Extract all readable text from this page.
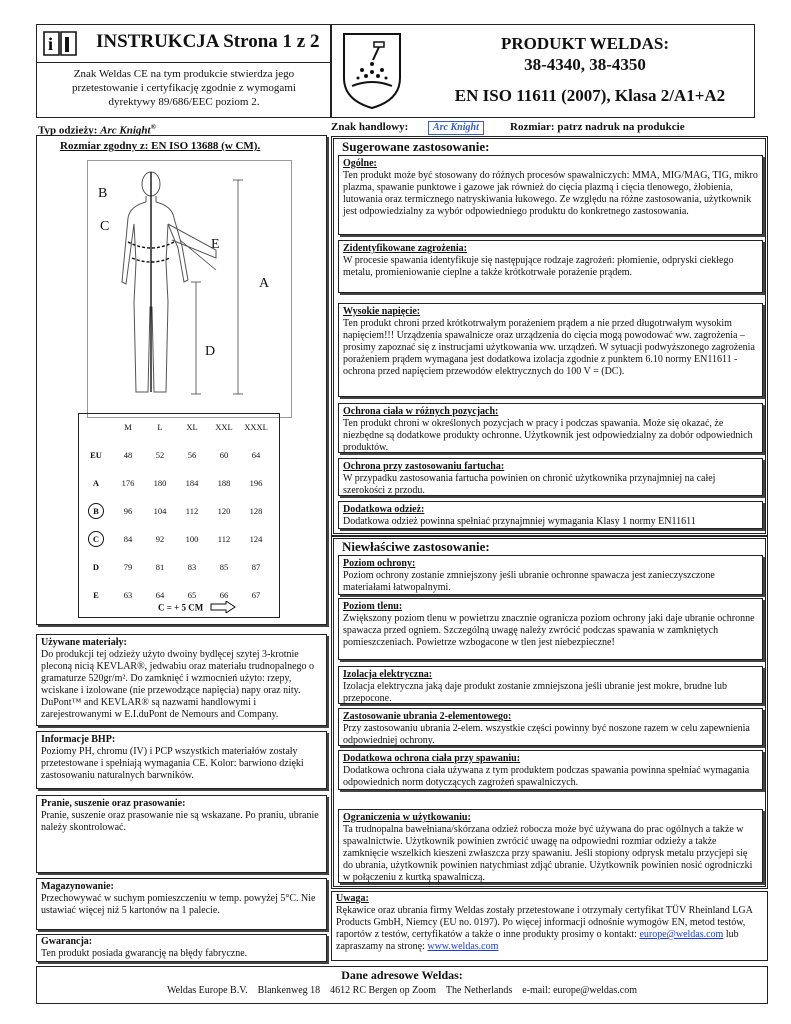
i INSTRUKCJA Strona 1 z 2
Znak Weldas CE na tym produkcie stwierdza jego przetestowanie i certyfikację zgodnie z wymogami dyrektywy 89/686/EEC poziom 2.
PRODUKT WELDAS:
38-4340, 38-4350
EN ISO 11611 (2007), Klasa 2/A1+A2
Typ odzieży: Arc Knight®	Znak handlowy:	Arc Knight	Rozmiar: patrz nadruk na produkcie
Rozmiar zgodny z: EN ISO 13688 (w CM).
B
C
E
A
D
	M	L	XL	XXL	XXXL
EU	48	52	56	60	64
A	176	180	184	188	196
B	96	104	112	120	128
C	84	92	100	112	124
D	79	81	83	85	87
E	63	64	65	66	67
C = + 5 CM
Używane materiały:
Do produkcji tej odzieży użyto dwoiny bydlęcej szytej 3-krotnie pleconą nicią KEVLAR®, jedwabiu oraz materiału trudnopalnego o gramaturze 520gr/m². Do zamknięć i wzmocnień użyto: rzepy, wciskane i izolowane (nie przewodzące napięcia) napy oraz nity. DuPont™ and KEVLAR® są nazwami handlowymi i zarejestrowanymi w E.I.duPont de Nemours and Company.
Informacje BHP:
Poziomy PH, chromu (IV) i PCP wszystkich materiałów zostały przetestowane i spełniają wymagania CE. Kolor: barwiono dzięki zastosowaniu naturalnych barwników.
Pranie, suszenie oraz prasowanie:
Pranie, suszenie oraz prasowanie nie są wskazane. Po praniu, ubranie należy skontrolować.
Magazynowanie:
Przechowywać w suchym pomieszczeniu w temp. powyżej 5°C. Nie ustawiać więcej niż 5 kartonów na 1 palecie.
Gwarancja:
Ten produkt posiada gwarancję na błędy fabryczne.
Sugerowane zastosowanie:
Ogólne:
Ten produkt może być stosowany do różnych procesów spawalniczych: MMA, MIG/MAG, TIG, mikro plazma, spawanie punktowe i gazowe jak również do cięcia plazmą i cięcia tlenowego, żłobienia, lutowania oraz termicznego natryskiwania łukowego. Ze względu na różne zastosowania, użytkownik jest odpowiedzialny za wybór odpowiedniego produktu do konkretnego zastosowania.
Zidentyfikowane zagrożenia:
W procesie spawania identyfikuje się następujące rodzaje zagrożeń: płomienie, odpryski ciekłego metalu, promieniowanie cieplne a także krótkotrwałe porażenie prądem.
Wysokie napięcie:
Ten produkt chroni przed krótkotrwałym porażeniem prądem a nie przed długotrwałym wysokim napięciem!!! Urządzenia spawalnicze oraz urządzenia do cięcia mogą powodować ww. zagrożenia – prosimy zapoznać się z instrucjami użytkowania ww. urządzeń. W sytuacji podwyższonego zagrożenia porażeniem prądem wymagana jest dodatkowa izolacja zgodnie z punktem 6.10 normy EN11611 - ochrona przed napięciem przewodów elektrycznych do 100 V = (DC).
Ochrona ciała w różnych pozycjach:
Ten produkt chroni w określonych pozycjach w pracy i podczas spawania. Może się okazać, że niezbędne są dodatkowe produkty ochronne. Użytkownik jest odpowiedzialny za dobór odpowiednich produktów.
Ochrona przy zastosowaniu fartucha:
W przypadku zastosowania fartucha powinien on chronić użytkownika przynajmniej na całej szerokości z przodu.
Dodatkowa odzież:
Dodatkowa odzież powinna spełniać przynajmniej wymagania Klasy 1 normy EN11611
Niewłaściwe zastosowanie:
Poziom ochrony:
Poziom ochrony zostanie zmniejszony jeśli ubranie ochronne spawacza jest zanieczyszczone materiałami łatwopalnymi.
Poziom tlenu:
Zwiększony poziom tlenu w powietrzu znacznie ogranicza poziom ochrony jaki daje ubranie ochronne spawacza przed ogniem. Szczególną uwagę należy zwrócić podczas spawania w zamkniętych pomieszczeniach. Powietrze wzbogacone w tlen jest niebezpieczne!
Izolacja elektryczna:
Izolacja elektryczna jaką daje produkt zostanie zmniejszona jeśli ubranie jest mokre, brudne lub przepocone.
Zastosowanie ubrania 2-elementowego:
Przy zastosowaniu ubrania 2-elem. wszystkie części powinny być noszone razem w celu zapewnienia odpowiedniej ochrony.
Dodatkowa ochrona ciała przy spawaniu:
Dodatkowa ochrona ciała używana z tym produktem podczas spawania powinna spełniać wymagania odpowiednich norm dotyczących zagrożeń spawalniczych.
Ograniczenia w użytkowaniu:
Ta trudnopalna bawełniana/skórzana odzież robocza może być używana do prac ogólnych a także w spawalnictwie. Użytkownik powinien zwrócić uwagę na odpowiedni rozmiar odzieży a także zamknięcie wszelkich kieszeni zwłaszcza przy spawaniu. Jeśli stopiony odprysk metalu przycjepi się do ubrania, użytkownik powinien natychmiast zdjąć ubranie. Użytkownik powinien nosić ogrodniczki w połączeniu z kurtką spawalniczą.
Uwaga:
Rękawice oraz ubrania firmy Weldas zostały przetestowane i otrzymały certyfikat TÜV Rheinland LGA Products GmbH, Niemcy (EU no. 0197). Po więcej informacji odnośnie wymogów EN, metod testów, raportów z testów, certyfikatów a także o inne produkty prosimy o kontakt: europe@weldas.com lub zapraszamy na stronę: www.weldas.com
Dane adresowe Weldas:
Weldas Europe B.V.    Blankenweg 18    4612 RC Bergen op Zoom    The Netherlands    e-mail: europe@weldas.com
